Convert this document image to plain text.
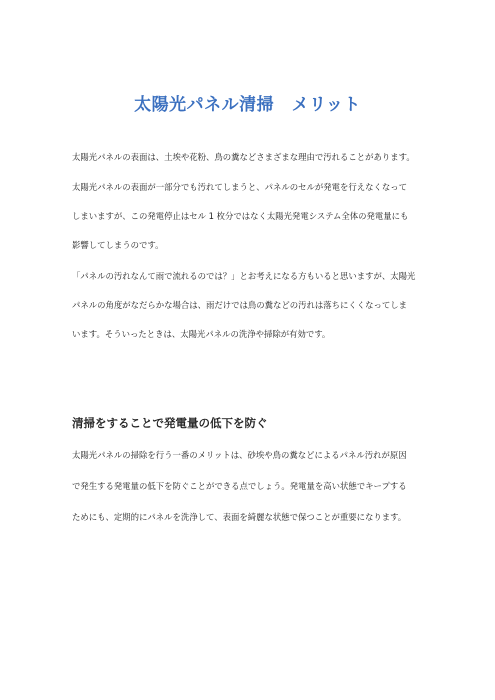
太陽光パネル清掃　メリット

太陽光パネルの表面は、土埃や花粉、鳥の糞などさまざまな理由で汚れることがあります。

太陽光パネルの表面が一部分でも汚れてしまうと、パネルのセルが発電を行えなくなって

しまいますが、この発電停止はセル 1 枚分ではなく太陽光発電システム全体の発電量にも

影響してしまうのです。

「パネルの汚れなんて雨で流れるのでは？」とお考えになる方もいると思いますが、太陽光

パネルの角度がなだらかな場合は、雨だけでは鳥の糞などの汚れは落ちにくくなってしま

います。そういったときは、太陽光パネルの洗浄や掃除が有効です。

清掃をすることで発電量の低下を防ぐ

太陽光パネルの掃除を行う一番のメリットは、砂埃や鳥の糞などによるパネル汚れが原因

で発生する発電量の低下を防ぐことができる点でしょう。発電量を高い状態でキープする

ためにも、定期的にパネルを洗浄して、表面を綺麗な状態で保つことが重要になります。
